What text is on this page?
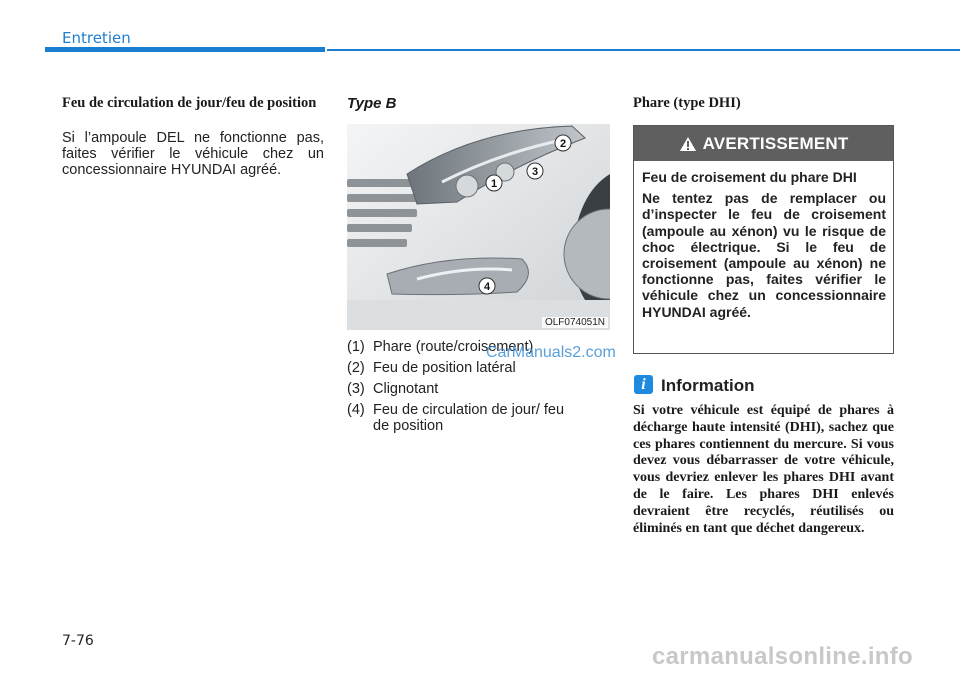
Entretien
Feu de circulation de jour/feu de position
Si l’ampoule DEL ne fonctionne pas, faites vérifier le véhicule chez un concessionnaire HYUNDAI agréé.
Type B
1
2
3
4
OLF074051N
(1) Phare (route/croisement)
(2) Feu de position latéral
(3) Clignotant
(4) Feu de circulation de jour/ feu de position
CarManuals2.com
Phare (type DHI)
AVERTISSEMENT

Feu de croisement du phare DHI

Ne tentez pas de remplacer ou d’inspecter le feu de croisement (ampoule au xénon) vu le risque de choc électrique. Si le feu de croisement (ampoule au xénon) ne fonctionne pas, faites vérifier le véhicule chez un concessionnaire HYUNDAI agréé.

i Information
Si votre véhicule est équipé de phares à décharge haute intensité (DHI), sachez que ces phares contiennent du mercure. Si vous devez vous débarrasser de votre véhicule, vous devriez enlever les phares DHI avant de le faire. Les phares DHI enlevés devraient être recyclés, réutilisés ou éliminés en tant que déchet dangereux.
7-76
carmanualsonline.info
